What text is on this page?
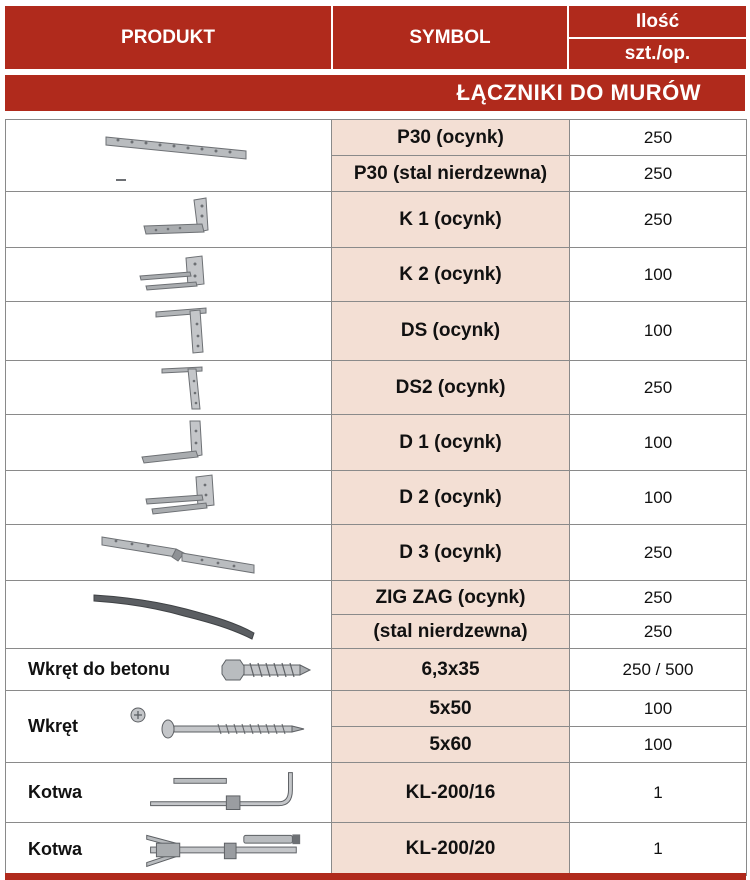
PRODUKT	SYMBOL
Ilość
szt./op.
ŁĄCZNIKI DO MURÓW
	P30 (ocynk)	250
	P30 (stal nierdzewna)	250

	K 1 (ocynk)	250

	K 2 (ocynk)	100

	DS (ocynk)	100

	DS2 (ocynk)	250

	D 1 (ocynk)	100

	D 2 (ocynk)	100

	D 3 (ocynk)	250

	ZIG ZAG (ocynk)	250
	(stal nierdzewna)	250

Wkręt do betonu	6,3x35	250 / 500

Wkręt	5x50	100
	5x60	100

Kotwa	KL-200/16	1

Kotwa	KL-200/20	1
